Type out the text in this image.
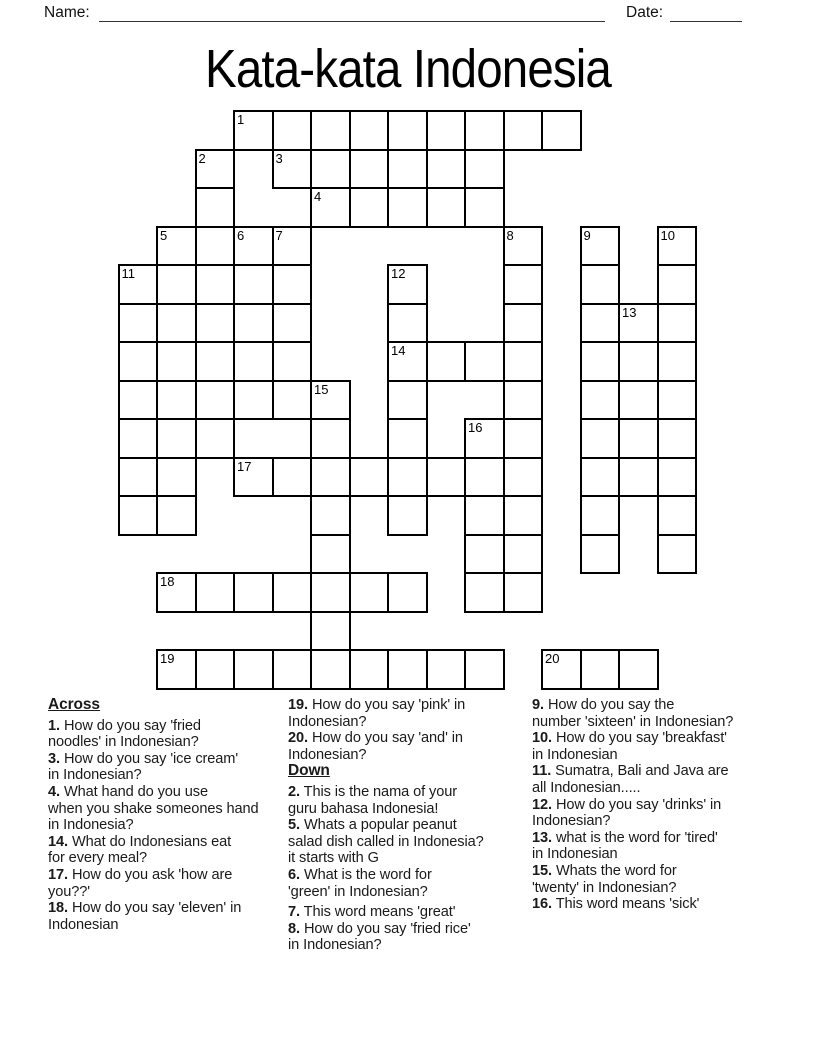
Name:	Date:
Kata-kata Indonesia
1
2	3
4
5	6 7	8	9	10
11	12
13
14
15
16
17
18
19	20
Across
1. How do you say 'fried
noodles' in Indonesian?
3. How do you say 'ice cream'
in Indonesian?
4. What hand do you use
when you shake someones hand
in Indonesia?
14. What do Indonesians eat
for every meal?
17. How do you ask 'how are
you??'
18. How do you say 'eleven' in
Indonesian
19. How do you say 'pink' in
Indonesian?
20. How do you say 'and' in
Indonesian?
Down
2. This is the nama of your
guru bahasa Indonesia!
5. Whats a popular peanut
salad dish called in Indonesia?
it starts with G
6. What is the word for
'green' in Indonesian?
7. This word means 'great'
8. How do you say 'fried rice'
in Indonesian?
9. How do you say the
number 'sixteen' in Indonesian?
10. How do you say 'breakfast'
in Indonesian
11. Sumatra, Bali and Java are
all Indonesian.....
12. How do you say 'drinks' in
Indonesian?
13. what is the word for 'tired'
in Indonesian
15. Whats the word for
'twenty' in Indonesian?
16. This word means 'sick'
